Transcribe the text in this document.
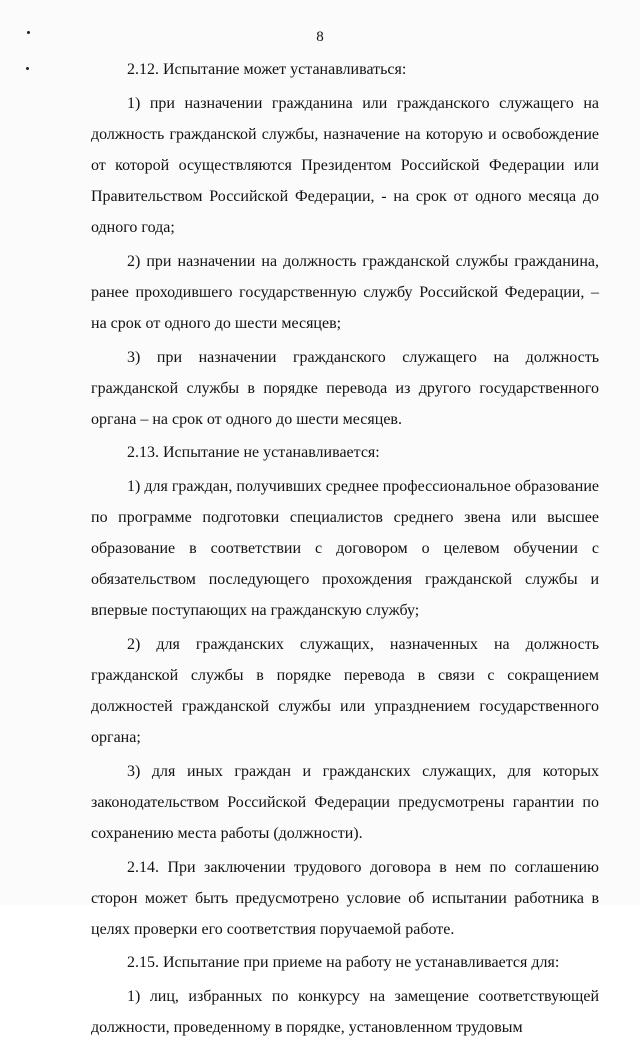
8

2.12. Испытание может устанавливаться:

1) при назначении гражданина или гражданского служащего на должность гражданской службы, назначение на которую и освобождение от которой осуществляются Президентом Российской Федерации или Правительством Российской Федерации, - на срок от одного месяца до одного года;

2) при назначении на должность гражданской службы гражданина, ранее проходившего государственную службу Российской Федерации, – на срок от одного до шести месяцев;

3) при назначении гражданского служащего на должность гражданской службы в порядке перевода из другого государственного органа – на срок от одного до шести месяцев.

2.13. Испытание не устанавливается:

1) для граждан, получивших среднее профессиональное образование по программе подготовки специалистов среднего звена или высшее образование в соответствии с договором о целевом обучении с обязательством последующего прохождения гражданской службы и впервые поступающих на гражданскую службу;

2) для гражданских служащих, назначенных на должность гражданской службы в порядке перевода в связи с сокращением должностей гражданской службы или упразднением государственного органа;

3) для иных граждан и гражданских служащих, для которых законодательством Российской Федерации предусмотрены гарантии по сохранению места работы (должности).

2.14. При заключении трудового договора в нем по соглашению сторон может быть предусмотрено условие об испытании работника в целях проверки его соответствия поручаемой работе.

2.15. Испытание при приеме на работу не устанавливается для:

1) лиц, избранных по конкурсу на замещение соответствующей должности, проведенному в порядке, установленном трудовым
